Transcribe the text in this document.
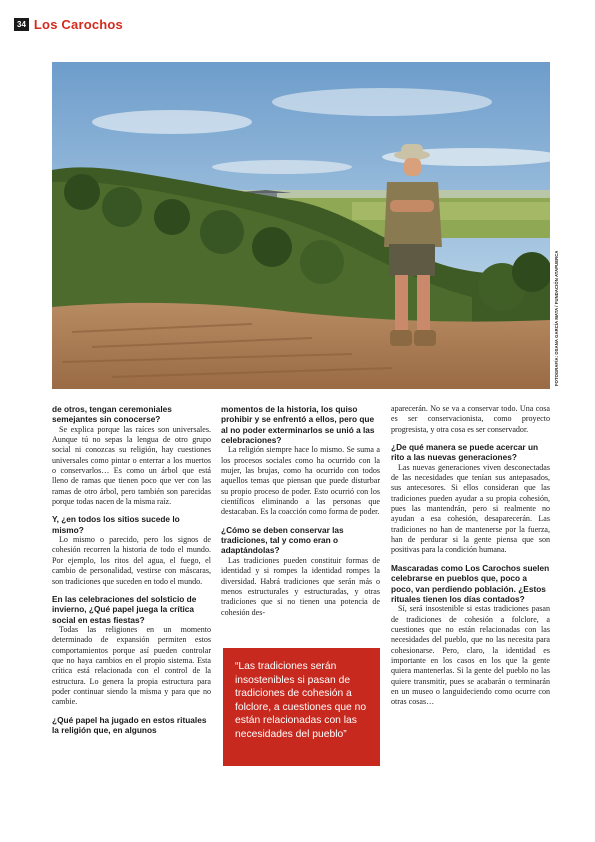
34 Los Carochos
FOTOGRAFÍA: OSANA GARCÍA MATA / FUNDACIÓN ATAPUERCA
de otros, tengan ceremoniales semejantes sin conocerse?

Se explica porque las raíces son universales. Aunque tú no sepas la lengua de otro grupo social ni conozcas su religión, hay cuestiones universales como pintar o enterrar a los muertos o conservarlos… Es como un árbol que está lleno de ramas que tienen poco que ver con las ramas de otro árbol, pero también son parecidas porque todas nacen de la misma raíz.

Y, ¿en todos los sitios sucede lo mismo?

Lo mismo o parecido, pero los signos de cohesión recorren la historia de todo el mundo. Por ejemplo, los ritos del agua, el fuego, el cambio de personalidad, vestirse con máscaras, son tradiciones que suceden en todo el mundo.

En las celebraciones del solsticio de invierno, ¿Qué papel juega la crítica social en estas fiestas?

Todas las religiones en un momento determinado de expansión permiten estos comportamientos porque así pueden controlar que no haya cambios en el propio sistema. Esta crítica está relacionada con el control de la estructura. Lo genera la propia estructura para poder continuar siendo la misma y para que no cambie.

¿Qué papel ha jugado en estos rituales la religión que, en algunos
momentos de la historia, los quiso prohibir y se enfrentó a ellos, pero que al no poder exterminarlos se unió a las celebraciones?

La religión siempre hace lo mismo. Se suma a los procesos sociales como ha ocurrido con la mujer, las brujas, como ha ocurrido con todos aquellos temas que piensan que puede disturbar su propio proceso de poder. Esto ocurrió con los científicos eliminando a las personas que destacaban. Es la coacción como forma de poder.

¿Cómo se deben conservar las tradiciones, tal y como eran o adaptándolas?

Las tradiciones pueden constituir formas de identidad y si rompes la identidad rompes la diversidad. Habrá tradiciones que serán más o menos estructurales y estructuradas, y otras tradiciones que si no tienen una potencia de cohesión des-

aparecerán. No se va a conservar todo. Una cosa es ser conservacionista, como proyecto progresista, y otra cosa es ser conservador.

¿De qué manera se puede acercar un rito a las nuevas generaciones?

Las nuevas generaciones viven desconectadas de las necesidades que tenían sus antepasados, sus antecesores. Si ellos consideran que las tradiciones pueden ayudar a su propia cohesión, pues las mantendrán, pero si realmente no ayudan a esa cohesión, desaparecerán. Las tradiciones no han de mantenerse por la fuerza, han de perdurar si la gente piensa que son positivas para la condición humana.

Mascaradas como Los Carochos suelen celebrarse en pueblos que, poco a poco, van perdiendo población. ¿Estos rituales tienen los días contados?

Sí, será insostenible si estas tradiciones pasan de tradiciones de cohesión a folclore, a cuestiones que no están relacionadas con las necesidades del pueblo, que no las necesita para cohesionarse. Pero, claro, la identidad es importante en los casos en los que la gente quiera mantenerlas. Si la gente del pueblo no las quiere transmitir, pues se acabarán o terminarán en un museo o languideciendo como ocurre con otras cosas…

“Las tradiciones serán insostenibles si pasan de tradiciones de cohesión a folclore, a cuestiones que no están relacionadas con las necesidades del pueblo”
